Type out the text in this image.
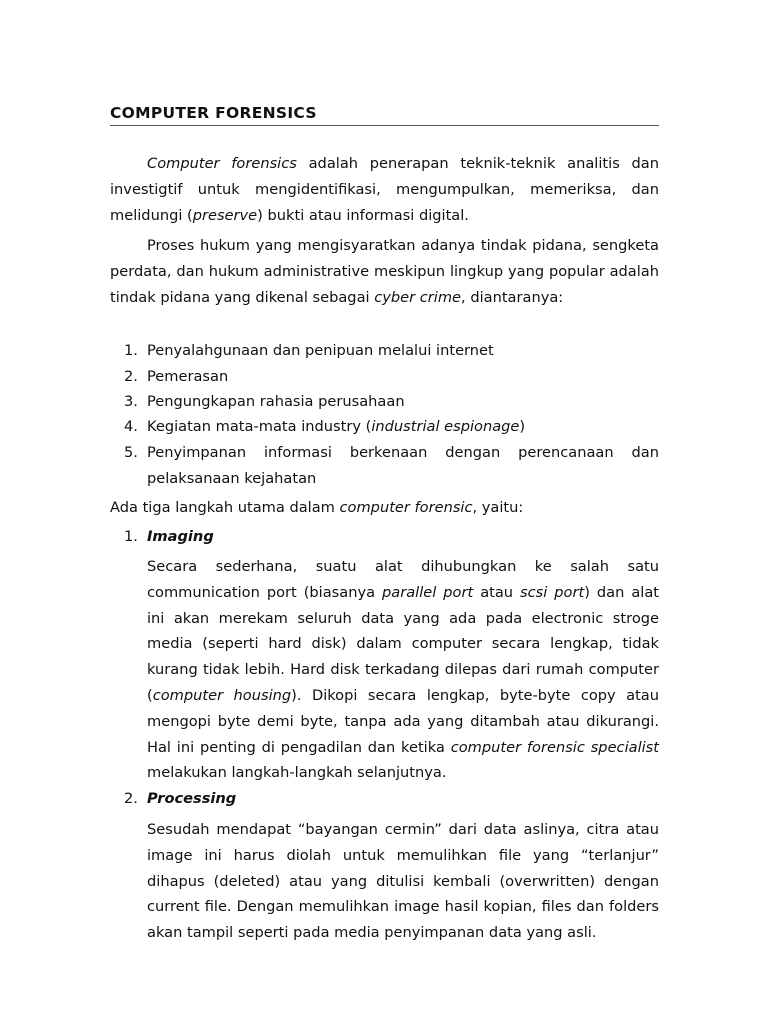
COMPUTER FORENSICS
Computer forensics adalah penerapan teknik-teknik analitis dan investigtif untuk mengidentifikasi, mengumpulkan, memeriksa, dan melidungi (preserve) bukti atau informasi digital.
Proses hukum yang mengisyaratkan adanya tindak pidana, sengketa perdata, dan hukum administrative meskipun lingkup yang popular adalah tindak pidana yang dikenal sebagai cyber crime, diantaranya:
1. Penyalahgunaan dan penipuan melalui internet
2. Pemerasan
3. Pengungkapan rahasia perusahaan
4. Kegiatan mata-mata industry (industrial espionage)
5. Penyimpanan informasi berkenaan dengan perencanaan dan pelaksanaan kejahatan
Ada tiga langkah utama dalam computer forensic, yaitu:
1. Imaging
Secara sederhana, suatu alat dihubungkan ke salah satu communication port (biasanya parallel port atau scsi port) dan alat ini akan merekam seluruh data yang ada pada electronic stroge media (seperti hard disk) dalam computer secara lengkap, tidak kurang tidak lebih. Hard disk terkadang dilepas dari rumah computer (computer housing). Dikopi secara lengkap, byte-byte copy atau mengopi byte demi byte, tanpa ada yang ditambah atau dikurangi. Hal ini penting di pengadilan dan ketika computer forensic specialist melakukan langkah-langkah selanjutnya.
2. Processing
Sesudah mendapat “bayangan cermin” dari data aslinya, citra atau image ini harus diolah untuk memulihkan file yang “terlanjur” dihapus (deleted) atau yang ditulisi kembali (overwritten) dengan current file. Dengan memulihkan image hasil kopian, files dan folders akan tampil seperti pada media penyimpanan data yang asli.
